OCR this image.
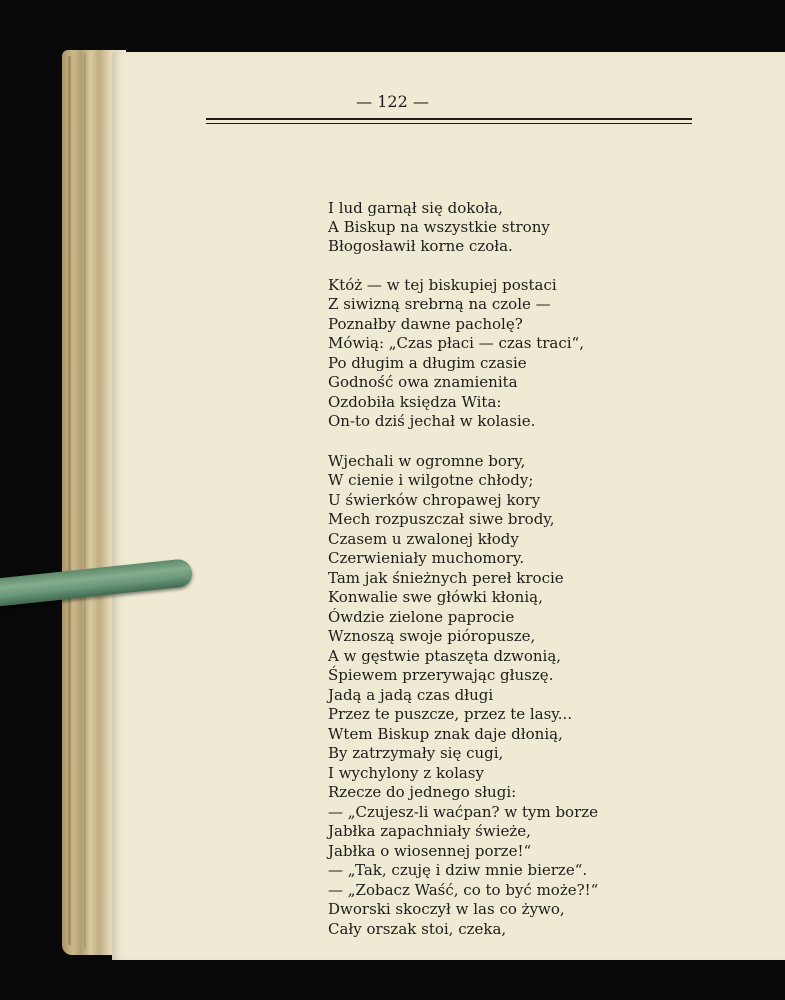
— 122 —
I lud garnął się dokoła,
A Biskup na wszystkie strony
Błogosławił korne czoła.
Któż — w tej biskupiej postaci
Z siwizną srebrną na czole —
Poznałby dawne pacholę?
Mówią: „Czas płaci — czas traci“,
Po długim a długim czasie
Godność owa znamienita
Ozdobiła księdza Wita:
On-to dziś jechał w kolasie.
Wjechali w ogromne bory,
W cienie i wilgotne chłody;
U świerków chropawej kory
Mech rozpuszczał siwe brody,
Czasem u zwalonej kłody
Czerwieniały muchomory.
Tam jak śnieżnych pereł krocie
Konwalie swe główki kłonią,
Ówdzie zielone paprocie
Wznoszą swoje pióropusze,
A w gęstwie ptaszęta dzwonią,
Śpiewem przerywając głuszę.
Jadą a jadą czas długi
Przez te puszcze, przez te lasy...
Wtem Biskup znak daje dłonią,
By zatrzymały się cugi,
I wychylony z kolasy
Rzecze do jednego sługi:
— „Czujesz-li waćpan? w tym borze
Jabłka zapachniały świeże,
Jabłka o wiosennej porze!“
— „Tak, czuję i dziw mnie bierze“.
— „Zobacz Waść, co to być może?!“
Dworski skoczył w las co żywo,
Cały orszak stoi, czeka,
